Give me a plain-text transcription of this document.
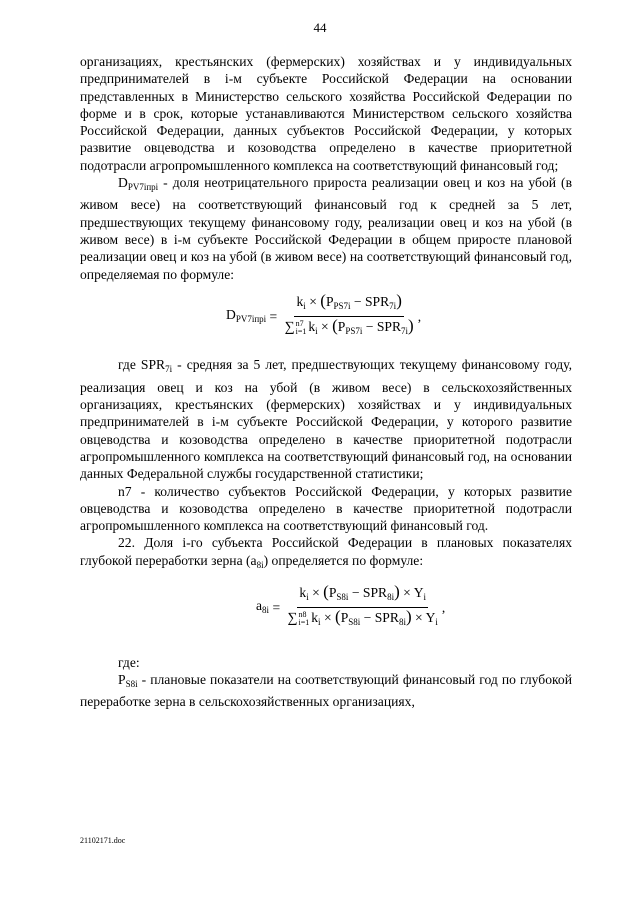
44

организациях, крестьянских (фермерских) хозяйствах и у индивидуальных предпринимателей в i-м субъекте Российской Федерации на основании представленных в Министерство сельского хозяйства Российской Федерации по форме и в срок, которые устанавливаются Министерством сельского хозяйства Российской Федерации, данных субъектов Российской Федерации, у которых развитие овцеводства и козоводства определено в качестве приоритетной подотрасли агропромышленного комплекса на соответствующий финансовый год;

$D_{PV7iпрi}$ - доля неотрицательного прироста реализации овец и коз на убой (в живом весе) на соответствующий финансовый год к средней за 5 лет, предшествующих текущему финансовому году, реализации овец и коз на убой (в живом весе) в i-м субъекте Российской Федерации в общем приросте плановой реализации овец и коз на убой (в живом весе) на соответствующий финансовый год, определяемая по формуле:

$D_{PV7iпрi} = k_i \times (P_{PS7i} - SPR_{7i})$
∑ n7
i=1 $k_i \times (P_{PS7i} - SPR_{7i})$ ,

где $SPR_{7i}$ - средняя за 5 лет, предшествующих текущему финансовому году, реализация овец и коз на убой (в живом весе) в сельскохозяйственных организациях, крестьянских (фермерских) хозяйствах и у индивидуальных предпринимателей в i-м субъекте Российской Федерации, у которого развитие овцеводства и козоводства определено в качестве приоритетной подотрасли агропромышленного комплекса на соответствующий финансовый год, на основании данных Федеральной службы государственной статистики;

n7 - количество субъектов Российской Федерации, у которых развитие овцеводства и козоводства определено в качестве приоритетной подотрасли агропромышленного комплекса на соответствующий финансовый год.

22. Доля i-го субъекта Российской Федерации в плановых показателях глубокой переработки зерна $(a_{8i})$ определяется по формуле:

$a_{8i} = k_i \times (P_{S8i} - SPR_{8i}) \times Y_i$
∑ n8
i=1 $k_i \times (P_{S8i} - SPR_{8i}) \times Y_i$ ,

где:

$P_{S8i}$ - плановые показатели на соответствующий финансовый год по глубокой переработке зерна в сельскохозяйственных организациях,

21102171.doc
